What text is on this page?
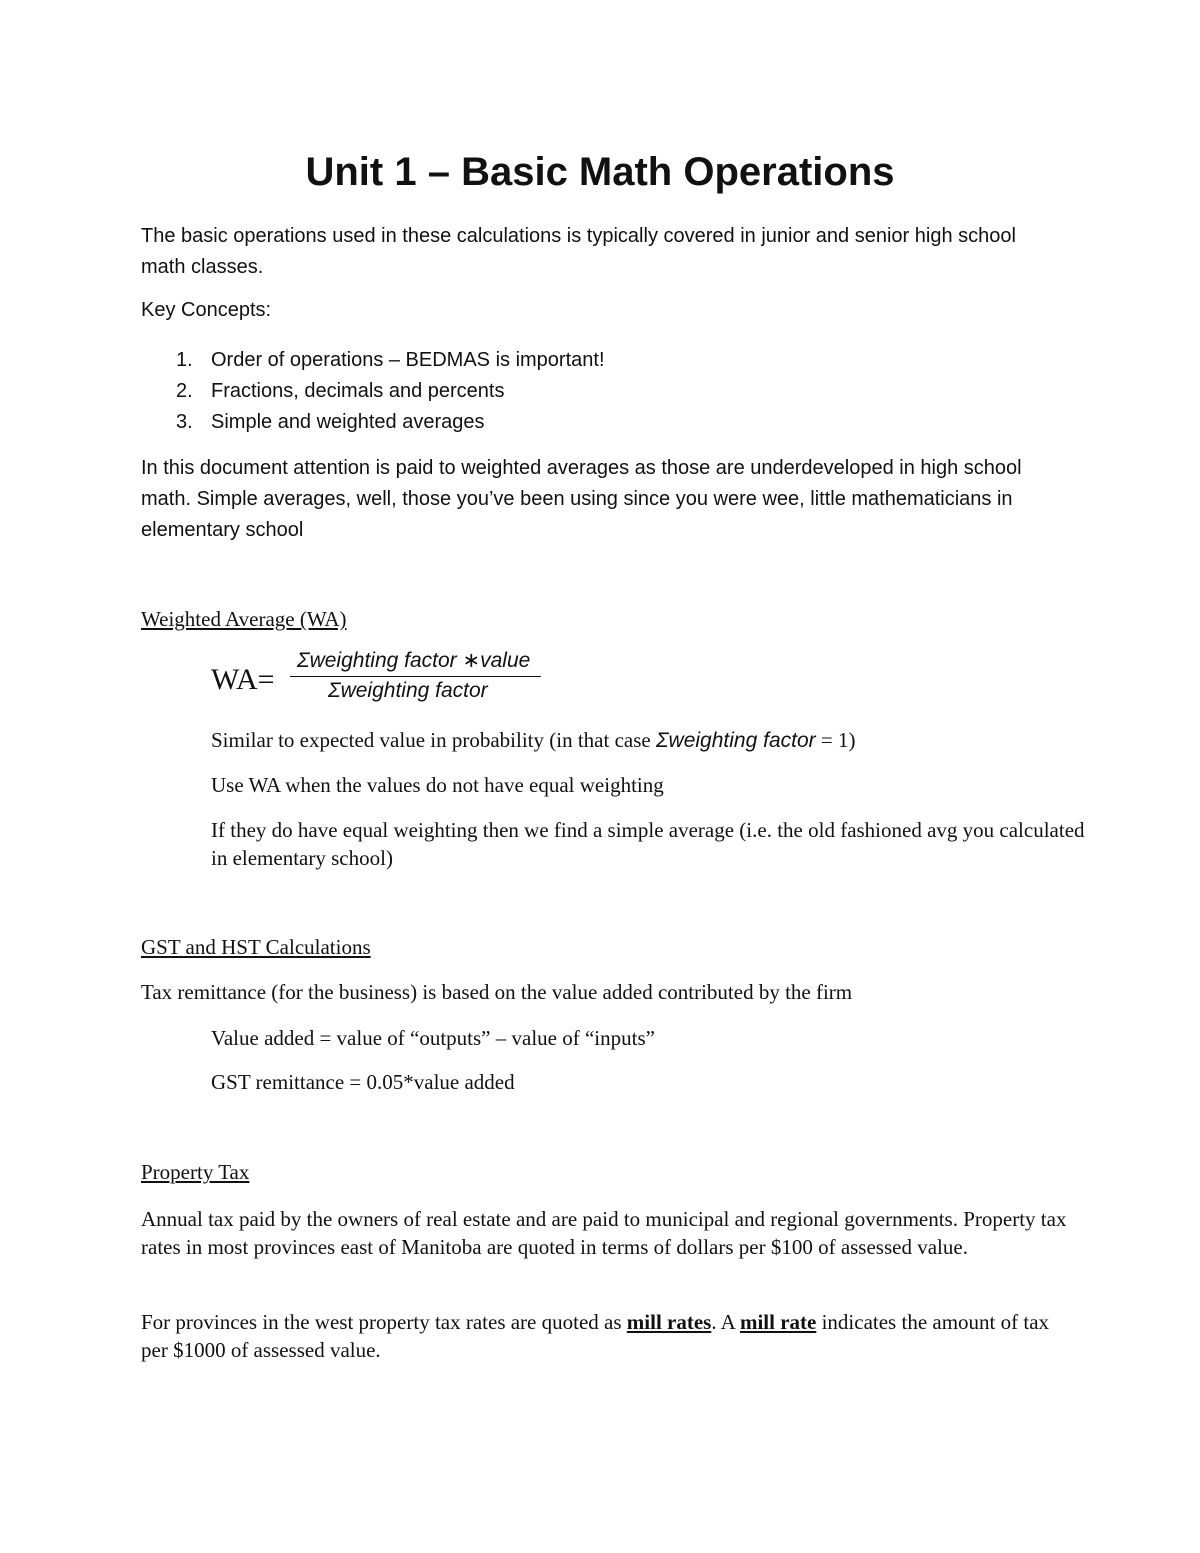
Unit 1 – Basic Math Operations
The basic operations used in these calculations is typically covered in junior and senior high school math classes.
Key Concepts:
1. Order of operations – BEDMAS is important!
2. Fractions, decimals and percents
3. Simple and weighted averages
In this document attention is paid to weighted averages as those are underdeveloped in high school math. Simple averages, well, those you’ve been using since you were wee, little mathematicians in elementary school
Weighted Average (WA)
WA=
Σweighting factor ∗value
Σweighting factor
Similar to expected value in probability (in that case Σweighting factor = 1)
Use WA when the values do not have equal weighting
If they do have equal weighting then we find a simple average (i.e. the old fashioned avg you calculated in elementary school)
GST and HST Calculations
Tax remittance (for the business) is based on the value added contributed by the firm
Value added = value of “outputs” – value of “inputs”
GST remittance = 0.05*value added
Property Tax
Annual tax paid by the owners of real estate and are paid to municipal and regional governments. Property tax rates in most provinces east of Manitoba are quoted in terms of dollars per $100 of assessed value.
For provinces in the west property tax rates are quoted as mill rates. A mill rate indicates the amount of tax per $1000 of assessed value.
